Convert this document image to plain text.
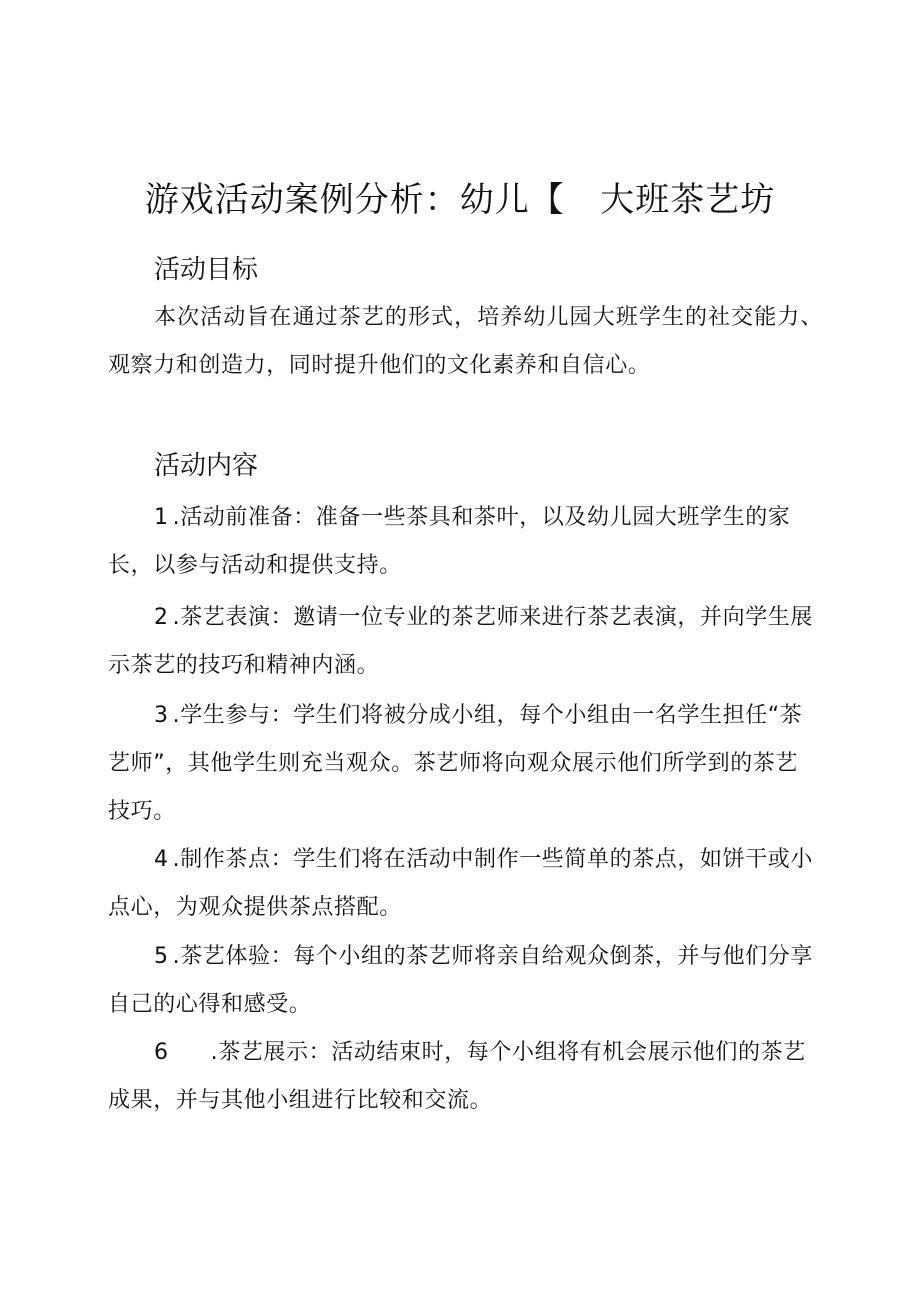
游戏活动案例分析：幼儿【   大班茶艺坊
活动目标

本次活动旨在通过茶艺的形式，培养幼儿园大班学生的社交能力、观察力和创造力，同时提升他们的文化素养和自信心。

活动内容

1 .活动前准备：准备一些茶具和茶叶，以及幼儿园大班学生的家长，以参与活动和提供支持。

2 .茶艺表演：邀请一位专业的茶艺师来进行茶艺表演，并向学生展示茶艺的技巧和精神内涵。

3 .学生参与：学生们将被分成小组，每个小组由一名学生担任“茶艺师”，其他学生则充当观众。茶艺师将向观众展示他们所学到的茶艺技巧。

4 .制作茶点：学生们将在活动中制作一些简单的茶点，如饼干或小点心，为观众提供茶点搭配。

5 .茶艺体验：每个小组的茶艺师将亲自给观众倒茶，并与他们分享自己的心得和感受。

6 .茶艺展示：活动结束时，每个小组将有机会展示他们的茶艺成果，并与其他小组进行比较和交流。
